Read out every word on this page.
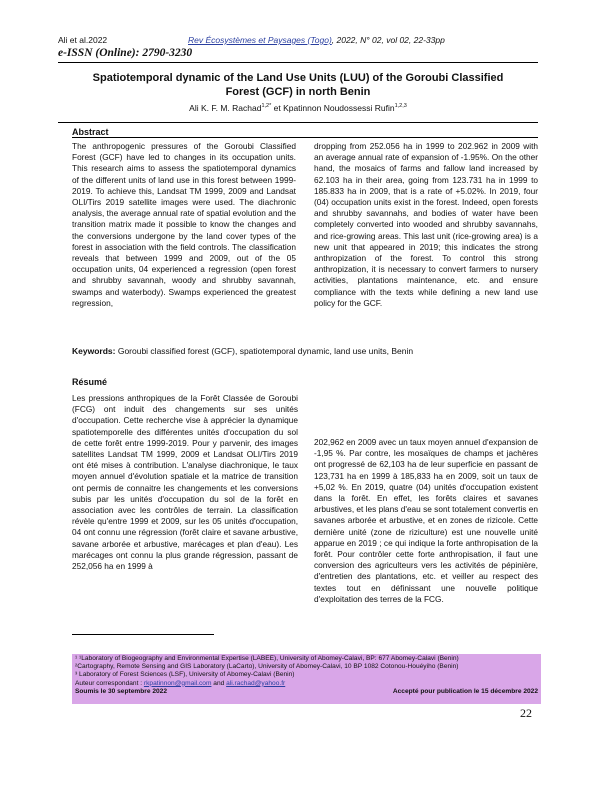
Ali et al.2022	Rev Écosystèmes et Paysages (Togo), 2022, N° 02, vol 02, 22-33pp
e-ISSN (Online): 2790-3230
Spatiotemporal dynamic of the Land Use Units (LUU) of the Goroubi Classified
Forest (GCF) in north Benin
Ali K. F. M. Rachad$^{1,2*}$ et Kpatinnon Noudossessi Rufin$^{1,2,3}$
Abstract

The anthropogenic pressures of the Goroubi Classified Forest (GCF) have led to changes in its occupation units. This research aims to assess the spatiotemporal dynamics of the different units of land use in this forest between 1999-2019. To achieve this, Landsat TM 1999, 2009 and Landsat OLI/Tirs 2019 satellite images were used. The diachronic analysis, the average annual rate of spatial evolution and the transition matrix made it possible to know the changes and the conversions undergone by the land cover types of the forest in association with the field controls. The classification reveals that between 1999 and 2009, out of the 05 occupation units, 04 experienced a regression (open forest and shrubby savannah, woody and shrubby savannah, swamps and waterbody). Swamps experienced the greatest regression,

dropping from 252.056 ha in 1999 to 202.962 in 2009 with an average annual rate of expansion of -1.95%. On the other hand, the mosaics of farms and fallow land increased by 62.103 ha in their area, going from 123.731 ha in 1999 to 185.833 ha in 2009, that is a rate of +5.02%. In 2019, four (04) occupation units exist in the forest. Indeed, open forests and shrubby savannahs, and bodies of water have been completely converted into wooded and shrubby savannahs, and rice-growing areas. This last unit (rice-growing area) is a new unit that appeared in 2019; this indicates the strong anthropization of the forest. To control this strong anthropization, it is necessary to convert farmers to nursery activities, plantations maintenance, etc. and ensure compliance with the texts while defining a new land use policy for the GCF.

Keywords: Goroubi classified forest (GCF), spatiotemporal dynamic, land use units, Benin
Résumé

Les pressions anthropiques de la Forêt Classée de Goroubi (FCG) ont induit des changements sur ses unités d'occupation. Cette recherche vise à apprécier la dynamique spatiotemporelle des différentes unités d'occupation du sol de cette forêt entre 1999-2019. Pour y parvenir, des images satellites Landsat TM 1999, 2009 et Landsat OLI/Tirs 2019 ont été mises à contribution. L'analyse diachronique, le taux moyen annuel d'évolution spatiale et la matrice de transition ont permis de connaitre les changements et les conversions subis par les unités d'occupation du sol de la forêt en association avec les contrôles de terrain. La classification révèle qu'entre 1999 et 2009, sur les 05 unités d'occupation, 04 ont connu une régression (forêt claire et savane arbustive, savane arborée et arbustive, marécages et plan d'eau). Les marécages ont connu la plus grande régression, passant de 252,056 ha en 1999 à

202,962 en 2009 avec un taux moyen annuel d'expansion de -1,95 %. Par contre, les mosaïques de champs et jachères ont progressé de 62,103 ha de leur superficie en passant de 123,731 ha en 1999 à 185,833 ha en 2009, soit un taux de +5,02 %. En 2019, quatre (04) unités d'occupation existent dans la forêt. En effet, les forêts claires et savanes arbustives, et les plans d'eau se sont totalement convertis en savanes arborée et arbustive, et en zones de rizicole. Cette dernière unité (zone de riziculture) est une nouvelle unité apparue en 2019 ; ce qui indique la forte anthropisation de la forêt. Pour contrôler cette forte anthropisation, il faut une conversion des agriculteurs vers les activités de pépinière, d'entretien des plantations, etc. et veiller au respect des textes tout en définissant une nouvelle politique d'exploitation des terres de la FCG.

¹ ¹Laboratory of Biogeography and Environmental Expertise (LABEE), University of Abomey-Calavi, BP: 677 Abomey-Calavi (Benin)
²Cartography, Remote Sensing and GIS Laboratory (LaCarto), University of Abomey-Calavi, 10 BP 1082 Cotonou-Houéyiho (Benin)
³ Laboratory of Forest Sciences (LSF), University of Abomey-Calavi (Benin)
Auteur correspondant : rkpatinnon@gmail.com and ali.rachad@yahoo.fr
Soumis le 30 septembre 2022	Accepté pour publication le 15 décembre 2022
22
